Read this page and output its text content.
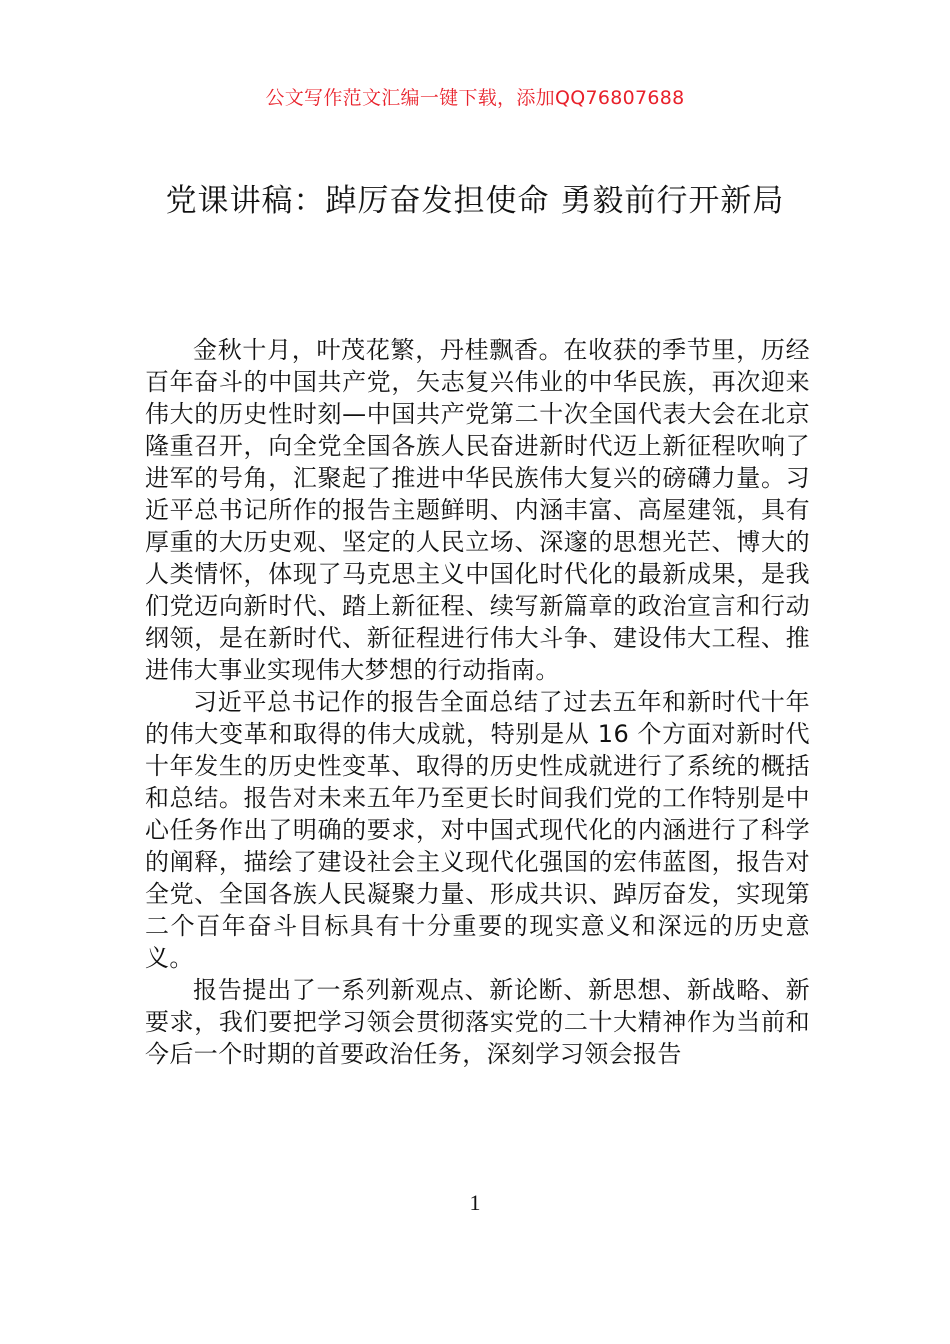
公文写作范文汇编一键下载，添加QQ76807688
党课讲稿：踔厉奋发担使命 勇毅前行开新局

金秋十月，叶茂花繁，丹桂飘香。在收获的季节里，历经百年奋斗的中国共产党，矢志复兴伟业的中华民族，再次迎来伟大的历史性时刻—中国共产党第二十次全国代表大会在北京隆重召开，向全党全国各族人民奋进新时代迈上新征程吹响了进军的号角，汇聚起了推进中华民族伟大复兴的磅礴力量。习近平总书记所作的报告主题鲜明、内涵丰富、高屋建瓴，具有厚重的大历史观、坚定的人民立场、深邃的思想光芒、博大的人类情怀，体现了马克思主义中国化时代化的最新成果，是我们党迈向新时代、踏上新征程、续写新篇章的政治宣言和行动纲领，是在新时代、新征程进行伟大斗争、建设伟大工程、推进伟大事业实现伟大梦想的行动指南。

习近平总书记作的报告全面总结了过去五年和新时代十年的伟大变革和取得的伟大成就，特别是从 16 个方面对新时代十年发生的历史性变革、取得的历史性成就进行了系统的概括和总结。报告对未来五年乃至更长时间我们党的工作特别是中心任务作出了明确的要求，对中国式现代化的内涵进行了科学的阐释，描绘了建设社会主义现代化强国的宏伟蓝图，报告对全党、全国各族人民凝聚力量、形成共识、踔厉奋发，实现第二个百年奋斗目标具有十分重要的现实意义和深远的历史意义。

报告提出了一系列新观点、新论断、新思想、新战略、新要求，我们要把学习领会贯彻落实党的二十大精神作为当前和今后一个时期的首要政治任务，深刻学习领会报告

1
